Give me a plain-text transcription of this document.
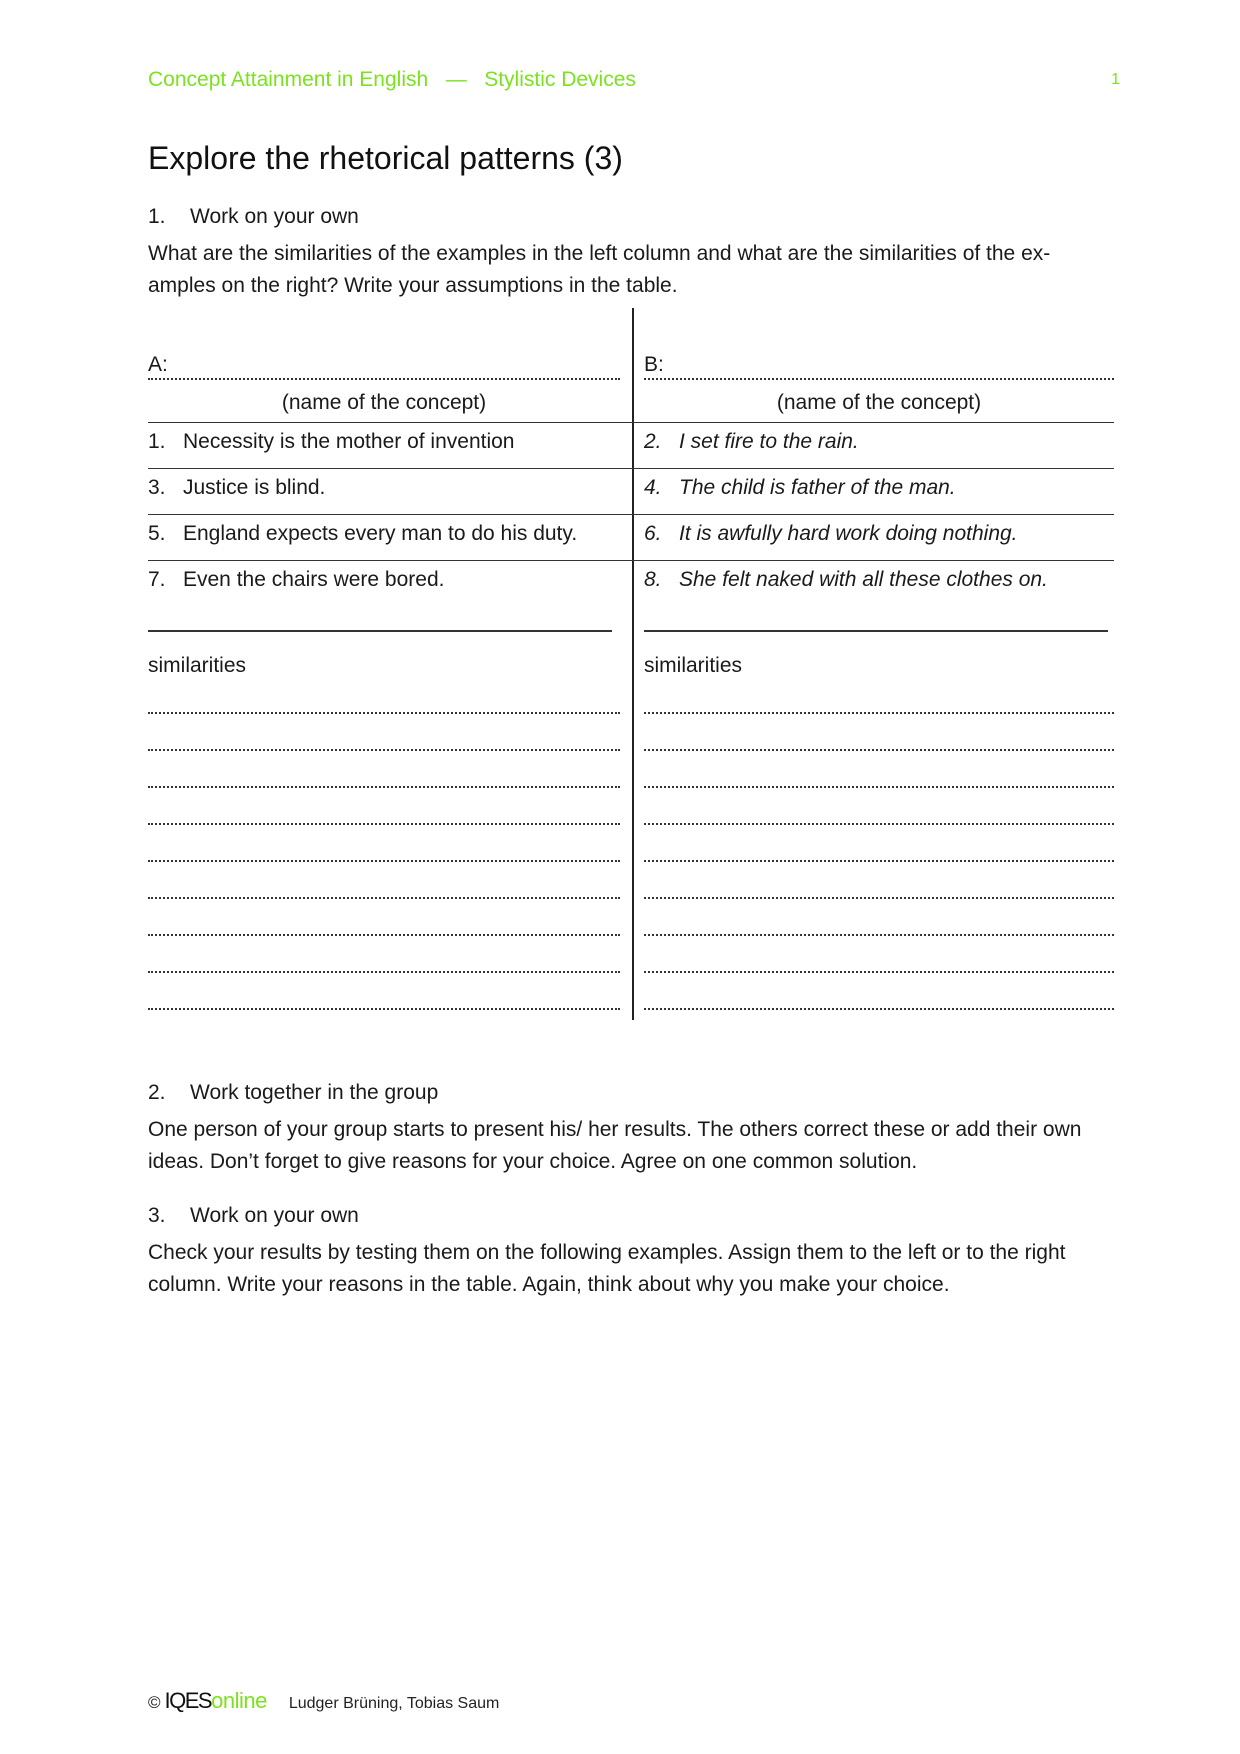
Concept Attainment in English — Stylistic Devices	1
Explore the rhetorical patterns (3)
1. Work on your own
What are the similarities of the examples in the left column and what are the similarities of the ex-amples on the right? Write your assumptions in the table.
A:	B:
(name of the concept)	(name of the concept)
1. Necessity is the mother of invention	2. I set fire to the rain.
3. Justice is blind.	4. The child is father of the man.
5. England expects every man to do his duty.	6. It is awfully hard work doing nothing.
7. Even the chairs were bored.	8. She felt naked with all these clothes on.
similarities	similarities
2. Work together in the group
One person of your group starts to present his/ her results. The others correct these or add their own ideas. Don’t forget to give reasons for your choice. Agree on one common solution.
3. Work on your own
Check your results by testing them on the following examples. Assign them to the left or to the right column. Write your reasons in the table. Again, think about why you make your choice.
© IQES online Ludger Brüning, Tobias Saum
